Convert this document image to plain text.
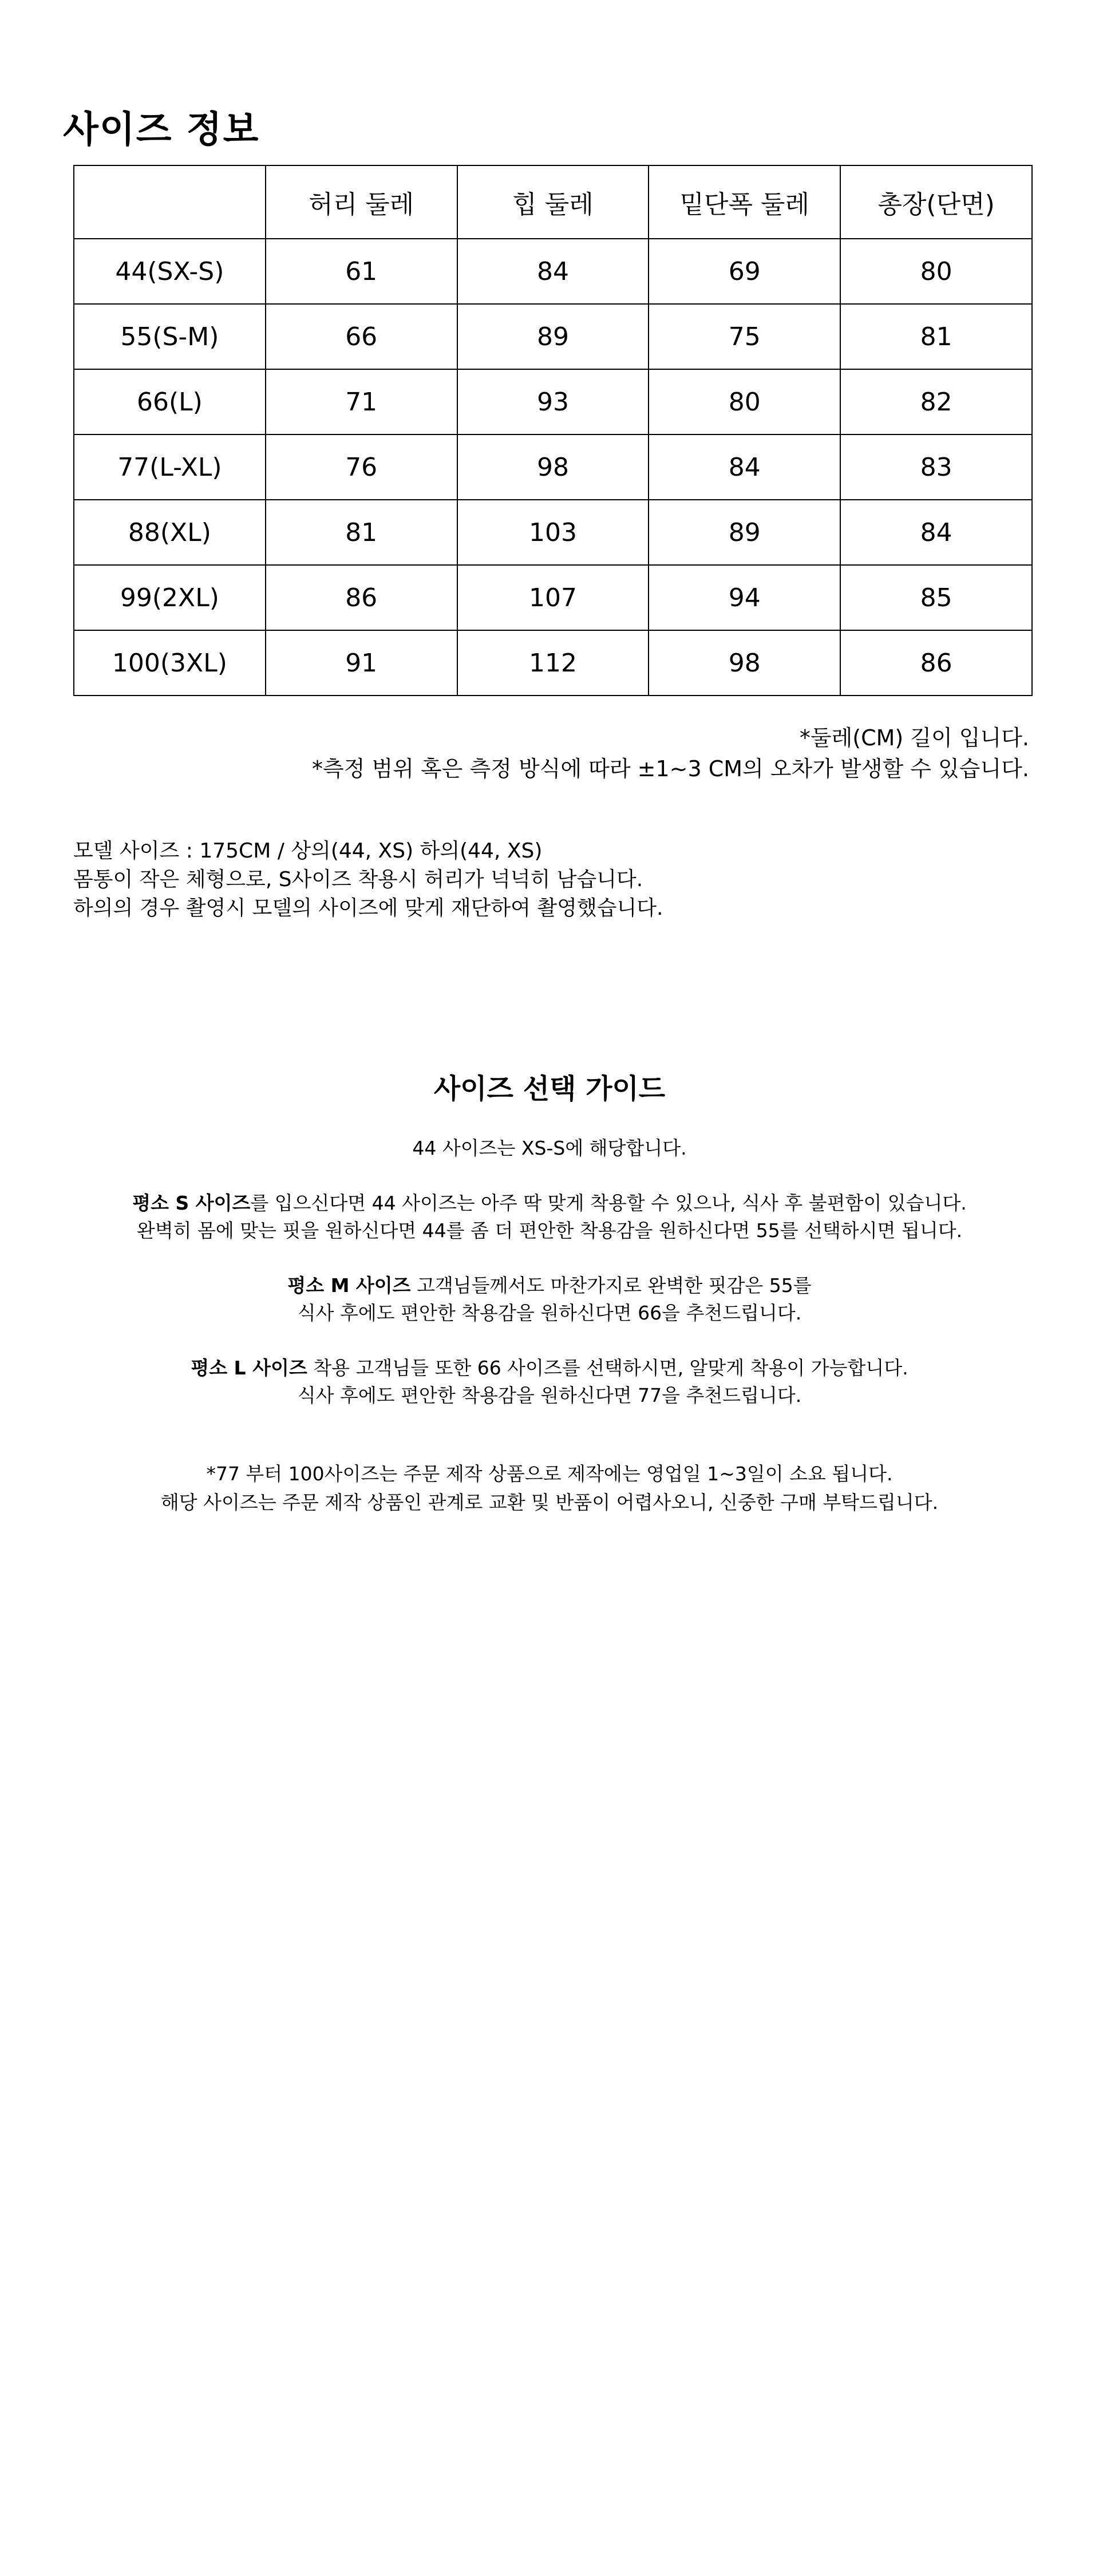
사이즈 정보
	허리 둘레	힙 둘레	밑단폭 둘레	총장(단면)
44(SX-S)	61	84	69	80
55(S-M)	66	89	75	81
66(L)	71	93	80	82
77(L-XL)	76	98	84	83
88(XL)	81	103	89	84
99(2XL)	86	107	94	85
100(3XL)	91	112	98	86
*둘레(CM) 길이 입니다.
*측정 범위 혹은 측정 방식에 따라 ±1~3 CM의 오차가 발생할 수 있습니다.
모델 사이즈 : 175CM / 상의(44, XS) 하의(44, XS)
몸통이 작은 체형으로, S사이즈 착용시 허리가 넉넉히 남습니다.
하의의 경우 촬영시 모델의 사이즈에 맞게 재단하여 촬영했습니다.
사이즈 선택 가이드

44 사이즈는 XS-S에 해당합니다.

평소 S 사이즈를 입으신다면 44 사이즈는 아주 딱 맞게 착용할 수 있으나, 식사 후 불편함이 있습니다.

완벽히 몸에 맞는 핏을 원하신다면 44를 좀 더 편안한 착용감을 원하신다면 55를 선택하시면 됩니다.

평소 M 사이즈 고객님들께서도 마찬가지로 완벽한 핏감은 55를

식사 후에도 편안한 착용감을 원하신다면 66을 추천드립니다.

평소 L 사이즈 착용 고객님들 또한 66 사이즈를 선택하시면, 알맞게 착용이 가능합니다.

식사 후에도 편안한 착용감을 원하신다면 77을 추천드립니다.

*77 부터 100사이즈는 주문 제작 상품으로 제작에는 영업일 1~3일이 소요 됩니다.

해당 사이즈는 주문 제작 상품인 관계로 교환 및 반품이 어렵사오니, 신중한 구매 부탁드립니다.
